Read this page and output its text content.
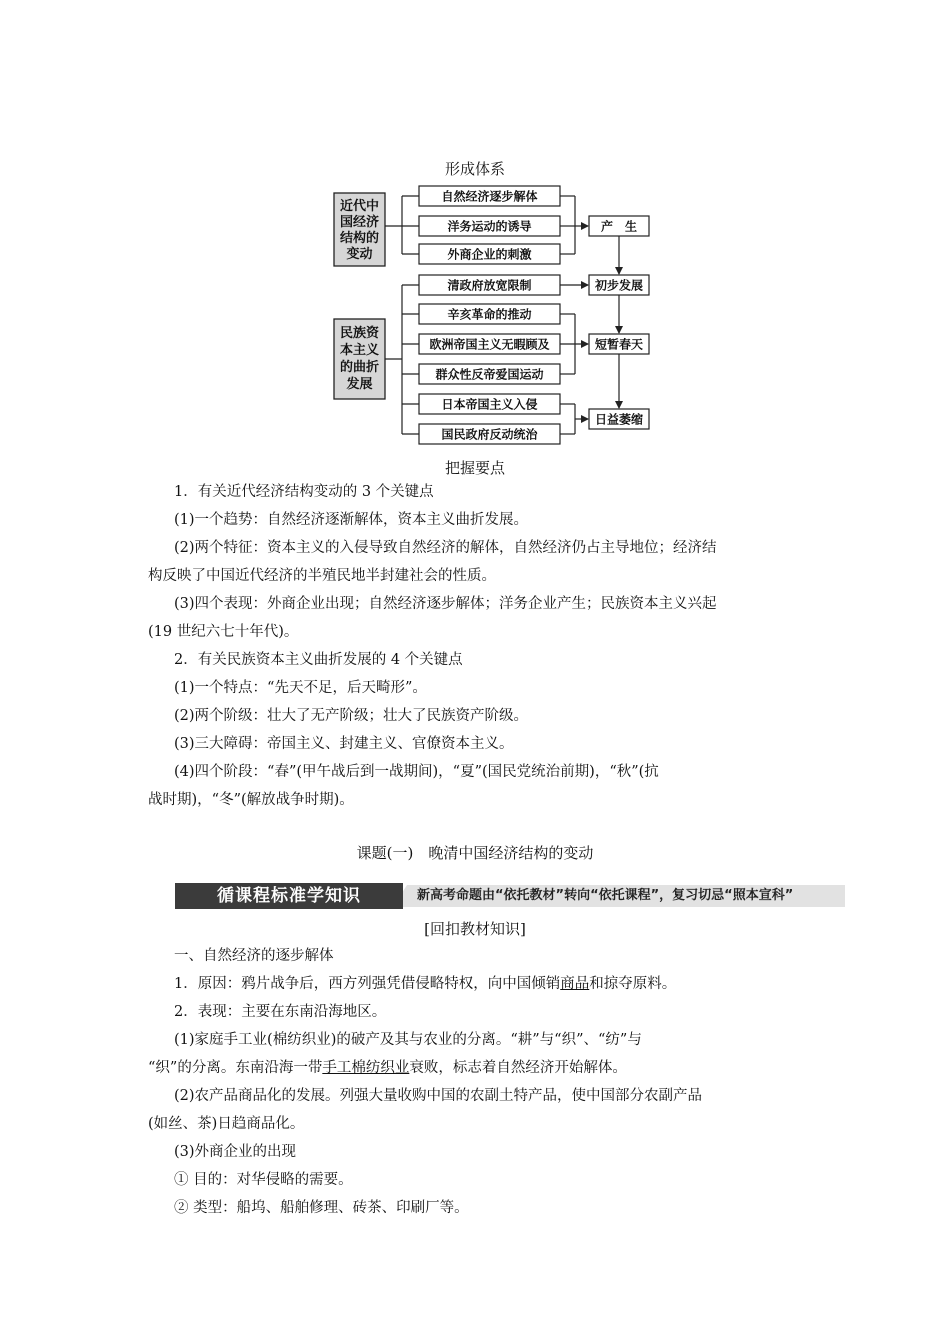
形成体系
近代中
国经济
结构的
变动
民族资
本主义
的曲折
发展
自然经济逐步解体
洋务运动的诱导
外商企业的刺激
清政府放宽限制
辛亥革命的推动
欧洲帝国主义无暇顾及
群众性反帝爱国运动
日本帝国主义入侵
国民政府反动统治
产　生
初步发展
短暂春天
日益萎缩
把握要点
1．有关近代经济结构变动的 3 个关键点
(1)一个趋势：自然经济逐渐解体，资本主义曲折发展。
(2)两个特征：资本主义的入侵导致自然经济的解体，自然经济仍占主导地位；经济结
构反映了中国近代经济的半殖民地半封建社会的性质。
(3)四个表现：外商企业出现；自然经济逐步解体；洋务企业产生；民族资本主义兴起
(19 世纪六七十年代)。
2．有关民族资本主义曲折发展的 4 个关键点
(1)一个特点：“先天不足，后天畸形”。
(2)两个阶级：壮大了无产阶级；壮大了民族资产阶级。
(3)三大障碍：帝国主义、封建主义、官僚资本主义。
(4)四个阶段：“春”(甲午战后到一战期间)，“夏”(国民党统治前期)，“秋”(抗
战时期)，“冬”(解放战争时期)。
课题(一)　晚清中国经济结构的变动
循课程标准学知识	新高考命题由“依托教材”转向“依托课程”，复习切忌“照本宣科”
[回扣教材知识]
一、自然经济的逐步解体
1．原因：鸦片战争后，西方列强凭借侵略特权，向中国倾销商品和掠夺原料。
2．表现：主要在东南沿海地区。
(1)家庭手工业(棉纺织业)的破产及其与农业的分离。“耕”与“织”、“纺”与
“织”的分离。东南沿海一带手工棉纺织业衰败，标志着自然经济开始解体。
(2)农产品商品化的发展。列强大量收购中国的农副土特产品，使中国部分农副产品
(如丝、茶)日趋商品化。
(3)外商企业的出现
① 目的：对华侵略的需要。
② 类型：船坞、船舶修理、砖茶、印刷厂等。
